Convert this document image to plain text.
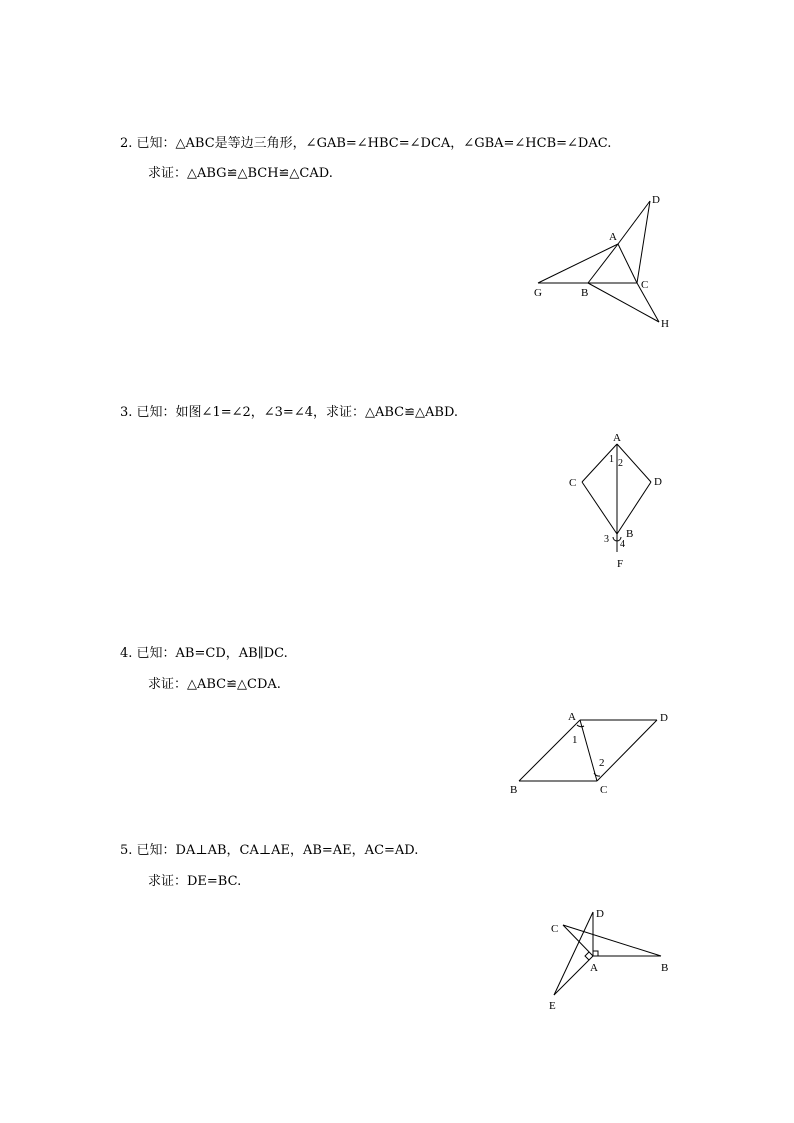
2. 已知：△ABC是等边三角形，∠GAB=∠HBC=∠DCA，∠GBA=∠HCB=∠DAC.
求证：△ABG≌△BCH≌△CAD.
D
A
C
G	B
H
A
1 2
C	D
B
3 4
F
A	D
1
2
B	C
D
C
A	B
E
3. 已知：如图∠1=∠2，∠3=∠4，求证：△ABC≌△ABD.
4. 已知：AB=CD，AB∥DC.
求证：△ABC≌△CDA.
5. 已知：DA⊥AB，CA⊥AE，AB=AE，AC=AD.
求证：DE=BC.
